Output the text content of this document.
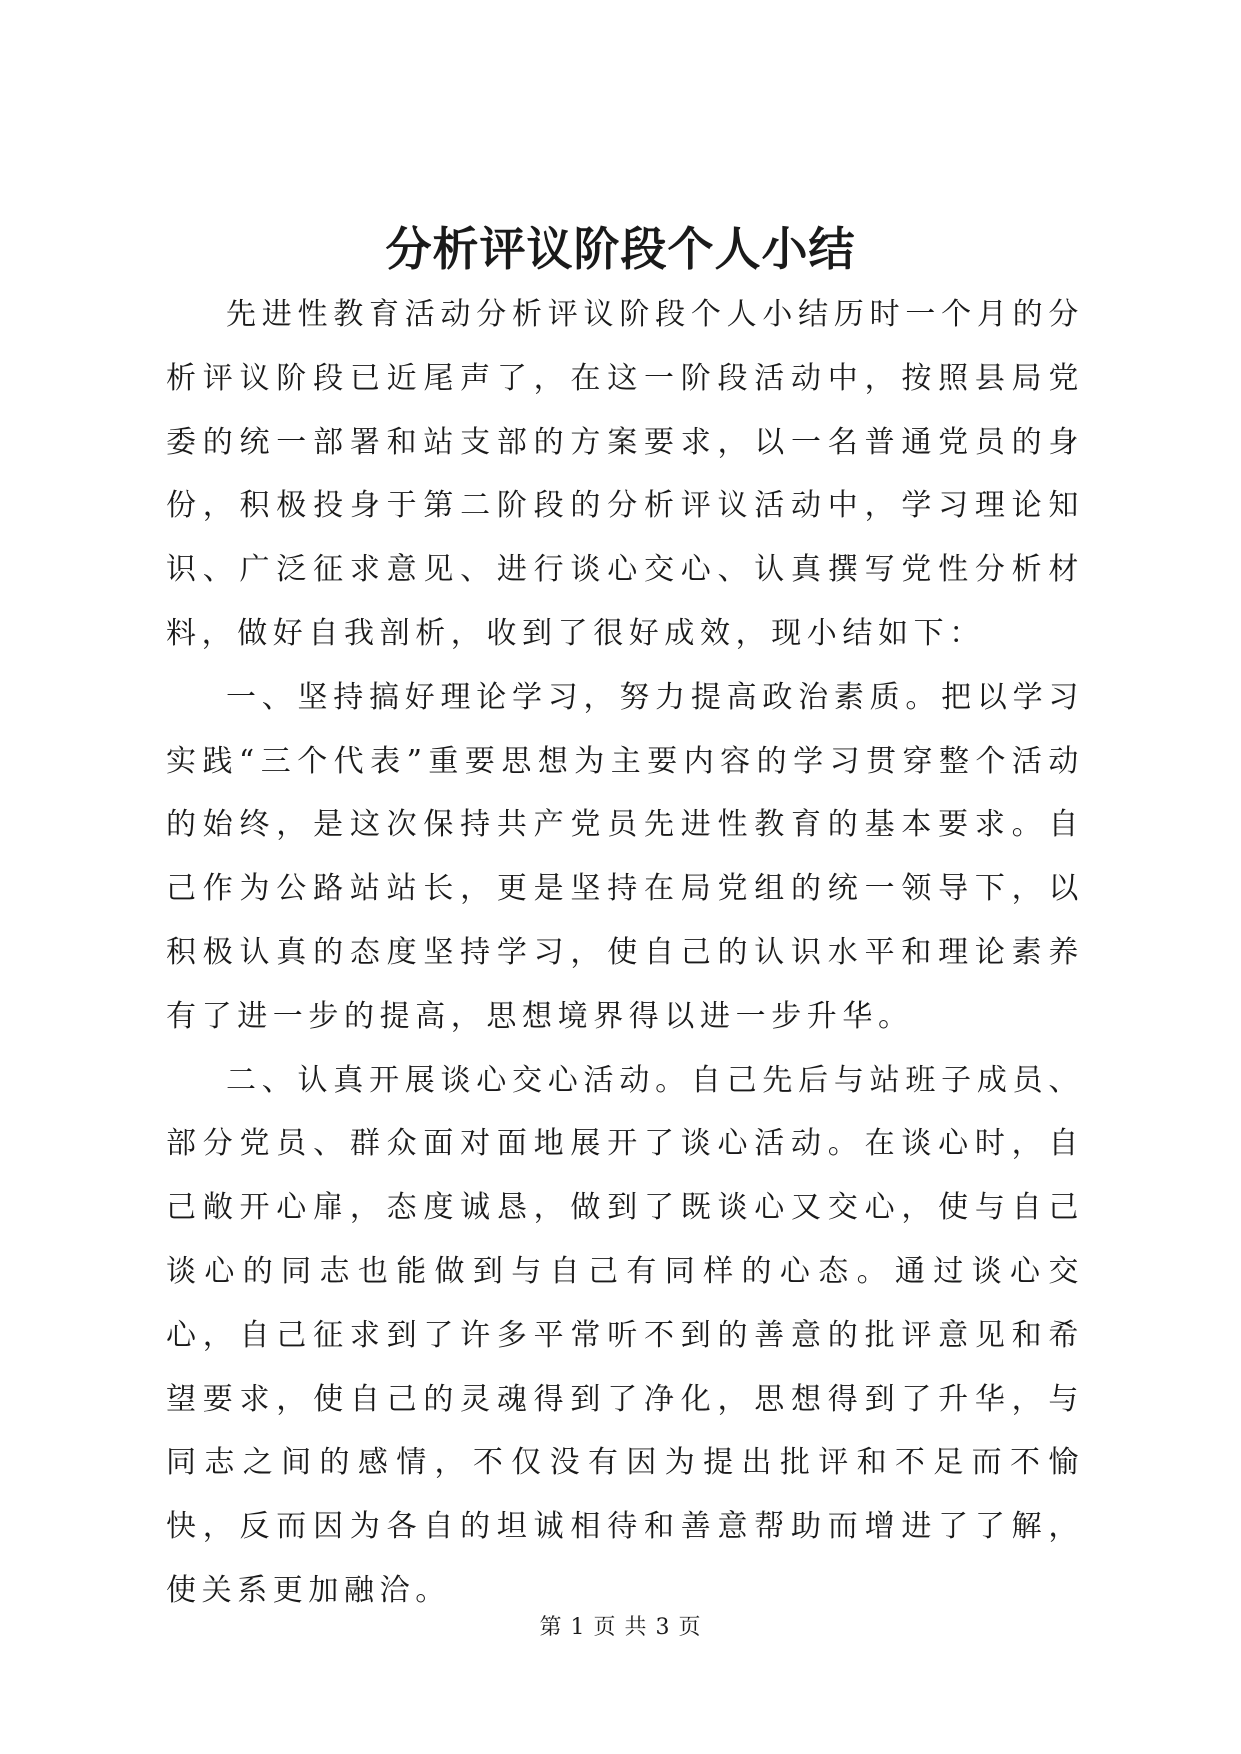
分析评议阶段个人小结

先进性教育活动分析评议阶段个人小结历时一个月的分析评议阶段已近尾声了，在这一阶段活动中，按照县局党委的统一部署和站支部的方案要求，以一名普通党员的身份，积极投身于第二阶段的分析评议活动中，学习理论知识、广泛征求意见、进行谈心交心、认真撰写党性分析材料，做好自我剖析，收到了很好成效，现小结如下：

一、坚持搞好理论学习，努力提高政治素质。把以学习实践“三个代表”重要思想为主要内容的学习贯穿整个活动的始终，是这次保持共产党员先进性教育的基本要求。自己作为公路站站长，更是坚持在局党组的统一领导下，以积极认真的态度坚持学习，使自己的认识水平和理论素养有了进一步的提高，思想境界得以进一步升华。

二、认真开展谈心交心活动。自己先后与站班子成员、部分党员、群众面对面地展开了谈心活动。在谈心时，自己敞开心扉，态度诚恳，做到了既谈心又交心，使与自己谈心的同志也能做到与自己有同样的心态。通过谈心交心，自己征求到了许多平常听不到的善意的批评意见和希望要求，使自己的灵魂得到了净化，思想得到了升华，与同志之间的感情，不仅没有因为提出批评和不足而不愉快，反而因为各自的坦诚相待和善意帮助而增进了了解，使关系更加融洽。

第 1 页 共 3 页
